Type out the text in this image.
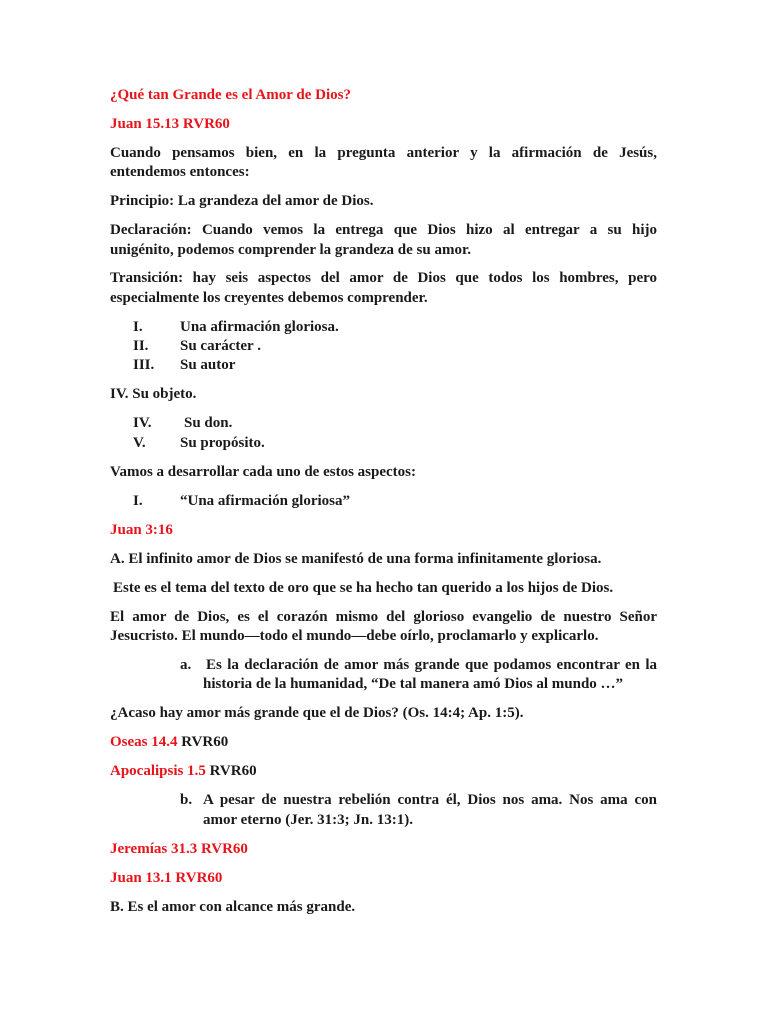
¿Qué tan Grande es el Amor de Dios?
Juan 15.13 RVR60
Cuando pensamos bien, en la pregunta anterior y la afirmación de Jesús,
entendemos entonces:
Principio: La grandeza del amor de Dios.
Declaración: Cuando vemos la entrega que Dios hizo al entregar a su hijo
unigénito, podemos comprender la grandeza de su amor.
Transición: hay seis aspectos del amor de Dios que todos los hombres, pero
especialmente los creyentes debemos comprender.
I. Una afirmación gloriosa.
II. Su carácter .
III. Su autor
IV. Su objeto.
IV. Su don.
V. Su propósito.
Vamos a desarrollar cada uno de estos aspectos:
I. “Una afirmación gloriosa”
Juan 3:16
A. El infinito amor de Dios se manifestó de una forma infinitamente gloriosa.
Este es el tema del texto de oro que se ha hecho tan querido a los hijos de Dios.
El amor de Dios, es el corazón mismo del glorioso evangelio de nuestro Señor
Jesucristo. El mundo—todo el mundo—debe oírlo, proclamarlo y explicarlo.
a. Es la declaración de amor más grande que podamos encontrar en la
historia de la humanidad, “De tal manera amó Dios al mundo …”
¿Acaso hay amor más grande que el de Dios? (Os. 14:4; Ap. 1:5).
Oseas 14.4 RVR60
Apocalipsis 1.5 RVR60
b. A pesar de nuestra rebelión contra él, Dios nos ama. Nos ama con
amor eterno (Jer. 31:3; Jn. 13:1).
Jeremías 31.3 RVR60
Juan 13.1 RVR60
B. Es el amor con alcance más grande.
